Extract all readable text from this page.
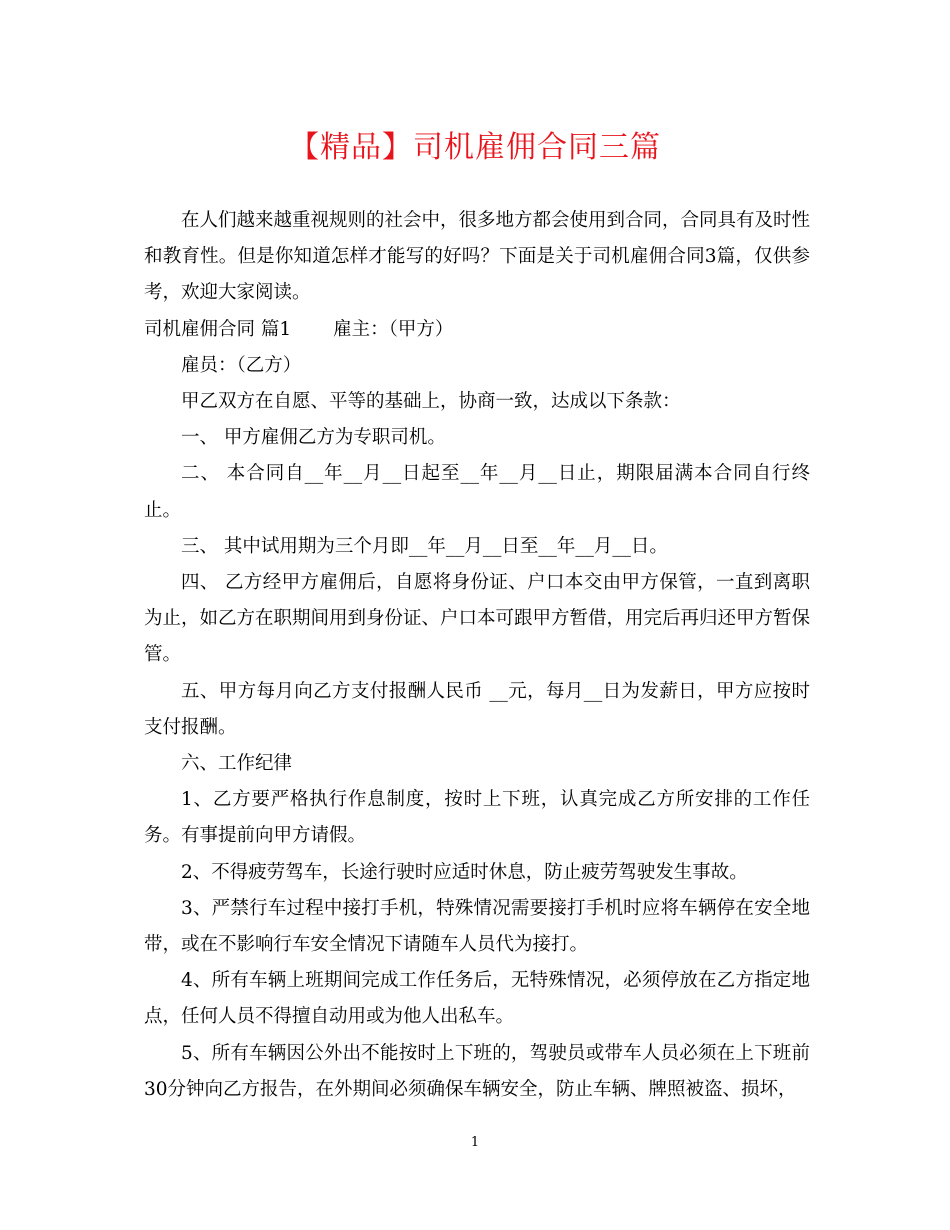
【精品】司机雇佣合同三篇

在人们越来越重视规则的社会中，很多地方都会使用到合同，合同具有及时性和教育性。但是你知道怎样才能写的好吗？下面是关于司机雇佣合同3篇，仅供参考，欢迎大家阅读。

司机雇佣合同 篇1 雇主：（甲方）

雇员：（乙方）

甲乙双方在自愿、平等的基础上，协商一致，达成以下条款：

一、 甲方雇佣乙方为专职司机。

二、 本合同自__年__月__日起至__年__月__日止，期限届满本合同自行终止。

三、 其中试用期为三个月即__年__月__日至__年__月__日。

四、 乙方经甲方雇佣后，自愿将身份证、户口本交由甲方保管，一直到离职为止，如乙方在职期间用到身份证、户口本可跟甲方暂借，用完后再归还甲方暂保管。

五、甲方每月向乙方支付报酬人民币 __元，每月__日为发薪日，甲方应按时支付报酬。

六、工作纪律

1、乙方要严格执行作息制度，按时上下班，认真完成乙方所安排的工作任务。有事提前向甲方请假。

2、不得疲劳驾车，长途行驶时应适时休息，防止疲劳驾驶发生事故。

3、严禁行车过程中接打手机，特殊情况需要接打手机时应将车辆停在安全地带，或在不影响行车安全情况下请随车人员代为接打。

4、所有车辆上班期间完成工作任务后，无特殊情况，必须停放在乙方指定地点，任何人员不得擅自动用或为他人出私车。

5、所有车辆因公外出不能按时上下班的，驾驶员或带车人员必须在上下班前30分钟向乙方报告，在外期间必须确保车辆安全，防止车辆、牌照被盗、损坏，

1
